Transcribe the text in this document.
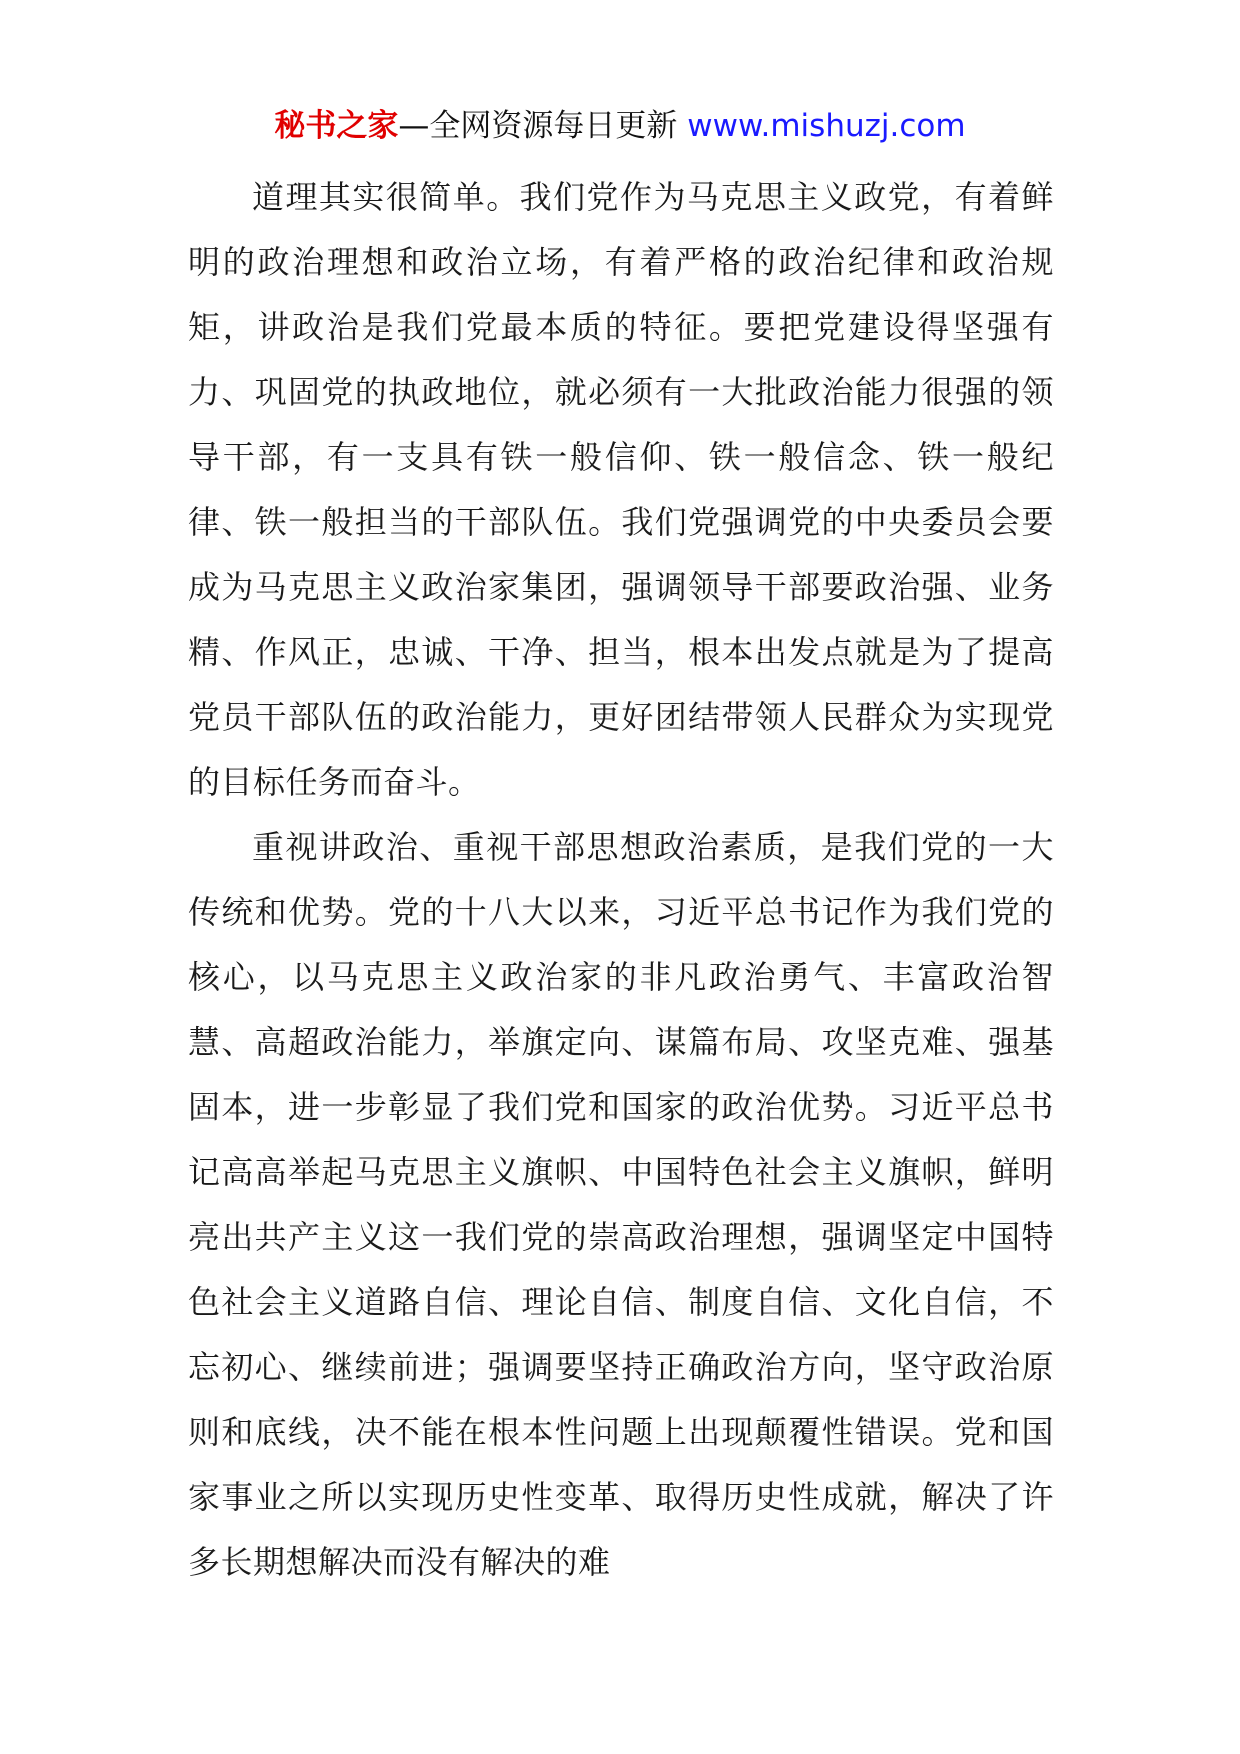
秘书之家—全网资源每日更新 www.mishuzj.com

道理其实很简单。我们党作为马克思主义政党，有着鲜明的政治理想和政治立场，有着严格的政治纪律和政治规矩，讲政治是我们党最本质的特征。要把党建设得坚强有力、巩固党的执政地位，就必须有一大批政治能力很强的领导干部，有一支具有铁一般信仰、铁一般信念、铁一般纪律、铁一般担当的干部队伍。我们党强调党的中央委员会要成为马克思主义政治家集团，强调领导干部要政治强、业务精、作风正，忠诚、干净、担当，根本出发点就是为了提高党员干部队伍的政治能力，更好团结带领人民群众为实现党的目标任务而奋斗。

重视讲政治、重视干部思想政治素质，是我们党的一大传统和优势。党的十八大以来，习近平总书记作为我们党的核心，以马克思主义政治家的非凡政治勇气、丰富政治智慧、高超政治能力，举旗定向、谋篇布局、攻坚克难、强基固本，进一步彰显了我们党和国家的政治优势。习近平总书记高高举起马克思主义旗帜、中国特色社会主义旗帜，鲜明亮出共产主义这一我们党的崇高政治理想，强调坚定中国特色社会主义道路自信、理论自信、制度自信、文化自信，不忘初心、继续前进；强调要坚持正确政治方向，坚守政治原则和底线，决不能在根本性问题上出现颠覆性错误。党和国家事业之所以实现历史性变革、取得历史性成就，解决了许多长期想解决而没有解决的难
